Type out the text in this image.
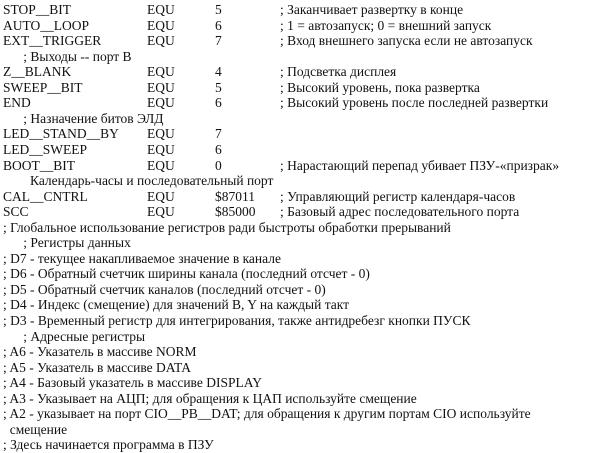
STOP__BIT	EQU	5	; Заканчивает развертку в конце
AUTO__LOOP	EQU	6	; 1 = автозапуск; 0 = внешний запуск
EXT__TRIGGER	EQU	7	; Вход внешнего запуска если не автозапуск
; Выходы -- порт B
Z__BLANK	EQU	4	; Подсветка дисплея
SWEEP__BIT	EQU	5	; Высокий уровень, пока развертка
END	EQU	6	; Высокий уровень после последней развертки
; Назначение битов ЭЛД
LED__STAND__BY EQU	7
LED__SWEEP	EQU	6
BOOT__BIT	EQU	0	; Нарастающий перепад убивает ПЗУ-«призрак»
Календарь-часы и последовательный порт
CAL__CNTRL	EQU	$87011 ; Управляющий регистр календаря-часов
SCC	EQU	$85000 ; Базовый адрес последовательного порта
; Глобальное использование регистров ради быстроты обработки прерываний
; Регистры данных
; D7 - текущее накапливаемое значение в канале
; D6 - Обратный счетчик ширины канала (последний отсчет - 0)
; D5 - Обратный счетчик каналов (последний отсчет - 0)
; D4 - Индекс (смещение) для значений B, Y на каждый такт
; D3 - Временный регистр для интегрирования, также антидребезг кнопки ПУСК
; Адресные регистры
; A6 - Указатель в массиве NORM
; A5 - Указатель в массиве DATA
; A4 - Базовый указатель в массиве DISPLAY
; A3 - Указывает на АЦП; для обращения к ЦАП используйте смещение
; A2 - указывает на порт CIO__PB__DAT; для обращения к другим портам CIO используйте
смещение
; Здесь начинается программа в ПЗУ
